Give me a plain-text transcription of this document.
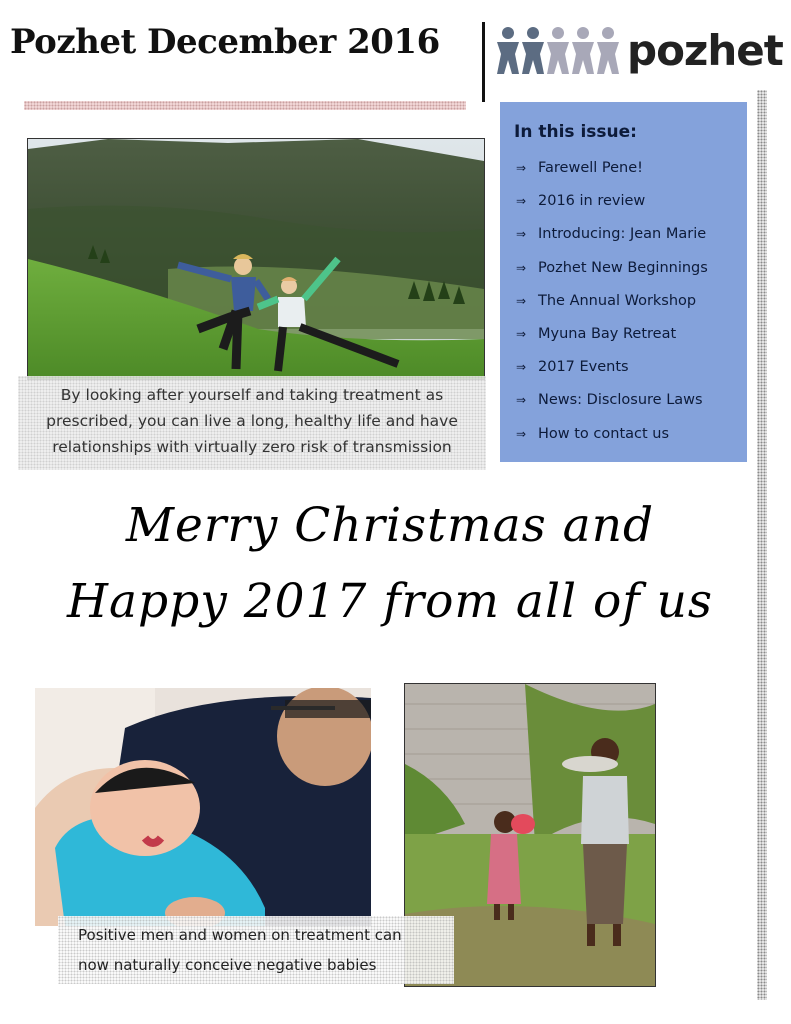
Pozhet December 2016	pozhet

By looking after yourself and taking treatment as
prescribed, you can live a long, healthy life and have
relationships with virtually zero risk of transmission

In this issue:
⇒ Farewell Pene!
⇒ 2016 in review
⇒ Introducing: Jean Marie
⇒ Pozhet New Beginnings
⇒ The Annual Workshop
⇒ Myuna Bay Retreat
⇒ 2017 Events
⇒ News: Disclosure Laws
⇒ How to contact us
Merry Christmas and
Happy 2017 from all of us

Positive men and women on treatment can
now naturally conceive negative babies
